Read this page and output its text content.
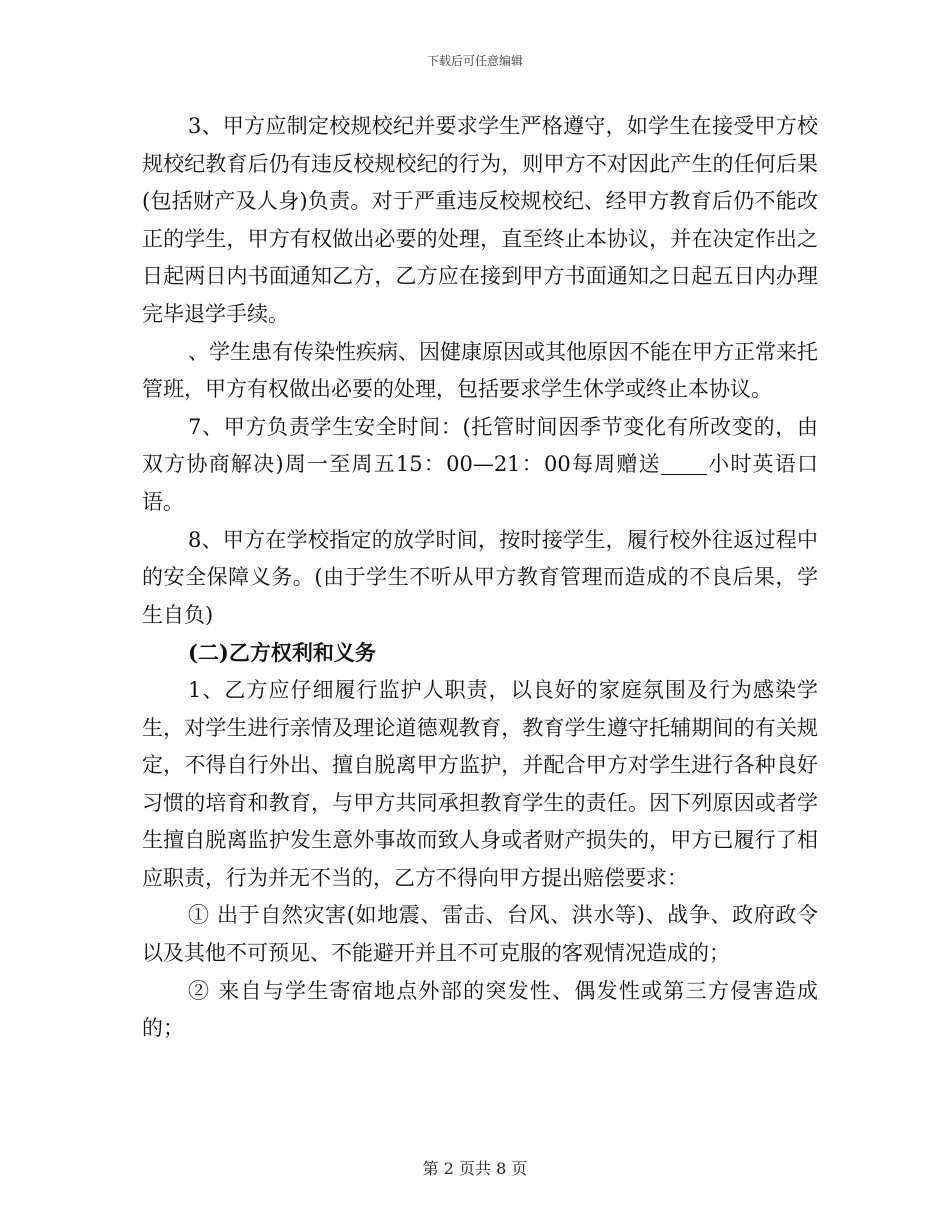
下载后可任意编辑

3、甲方应制定校规校纪并要求学生严格遵守，如学生在接受甲方校规校纪教育后仍有违反校规校纪的行为，则甲方不对因此产生的任何后果(包括财产及人身)负责。对于严重违反校规校纪、经甲方教育后仍不能改正的学生，甲方有权做出必要的处理，直至终止本协议，并在决定作出之日起两日内书面通知乙方，乙方应在接到甲方书面通知之日起五日内办理完毕退学手续。

、学生患有传染性疾病、因健康原因或其他原因不能在甲方正常来托管班，甲方有权做出必要的处理，包括要求学生休学或终止本协议。

7、甲方负责学生安全时间：(托管时间因季节变化有所改变的，由双方协商解决)周一至周五15：00—21：00每周赠送 小时英语口语。

8、甲方在学校指定的放学时间，按时接学生，履行校外往返过程中的安全保障义务。(由于学生不听从甲方教育管理而造成的不良后果，学生自负)

(二)乙方权利和义务

1、乙方应仔细履行监护人职责，以良好的家庭氛围及行为感染学生，对学生进行亲情及理论道德观教育，教育学生遵守托辅期间的有关规定，不得自行外出、擅自脱离甲方监护，并配合甲方对学生进行各种良好习惯的培育和教育，与甲方共同承担教育学生的责任。因下列原因或者学生擅自脱离监护发生意外事故而致人身或者财产损失的，甲方已履行了相应职责，行为并无不当的，乙方不得向甲方提出赔偿要求：

① 出于自然灾害(如地震、雷击、台风、洪水等)、战争、政府政令以及其他不可预见、不能避开并且不可克服的客观情况造成的；

② 来自与学生寄宿地点外部的突发性、偶发性或第三方侵害造成的；

第 2 页共 8 页
